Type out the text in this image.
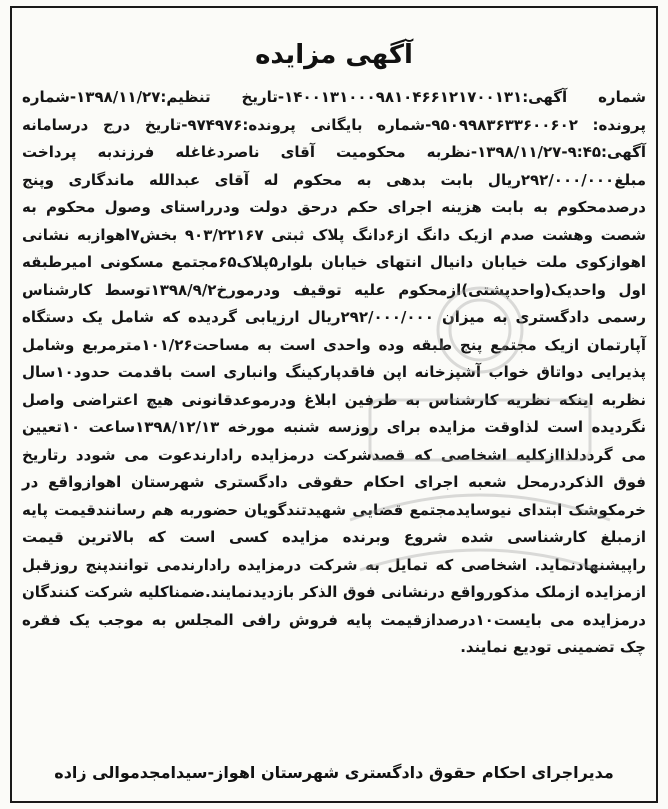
آگهی مزایده
شماره آگهی:۱۴۰۰۱۳۱۰۰۰۹۸۱۰۴۶۶۱۲۱۷۰۰۱۳۱-تاریخ تنظیم:۱۳۹۸/۱۱/۲۷-شماره پرونده: ۹۵۰۹۹۸۳۶۳۳۶۰۰۶۰۲-شماره بایگانی پرونده:۹۷۴۹۷۶-تاریخ درج درسامانه آگهی:۹:۴۵-۱۳۹۸/۱۱/۲۷-نظربه محکومیت آقای ناصردغاغله فرزندبه پرداخت مبلغ۲۹۲/۰۰۰/۰۰۰ریال بابت بدهی به محکوم له آقای عبدالله ماندگاری وپنج درصدمحکوم به بابت هزینه اجرای حکم درحق دولت ودرراستای وصول محکوم به شصت وهشت صدم ازیک دانگ از۶دانگ پلاک ثبتی ۹۰۳/۲۲۱۶۷ بخش۷اهوازبه نشانی اهوازکوی ملت خیابان دانیال انتهای خیابان بلوار۵پلاک۶۵مجتمع مسکونی امیرطبقه اول واحدیک(واحدپشتی)ازمحکوم علیه توقیف ودرمورخ۱۳۹۸/۹/۲توسط کارشناس رسمی دادگستری به میزان ۲۹۲/۰۰۰/۰۰۰ریال ارزیابی گردیده که شامل یک دستگاه آپارتمان ازیک مجتمع پنج طبقه وده واحدی است به مساحت۱۰۱/۲۶مترمربع وشامل پذیرایی دواتاق خواب آشپزخانه اپن فاقدپارکینگ وانباری است باقدمت حدود۱۰سال نظربه اینکه نظریه کارشناس به طرفین ابلاغ ودرموعدقانونی هیچ اعتراضی واصل نگردیده است لذاوقت مزایده برای روزسه شنبه مورخه ۱۳۹۸/۱۲/۱۳ساعت ۱۰تعیین می گرددلذاازکلیه اشخاصی که قصدشرکت درمزایده رادارندعوت می شودد رتاریخ فوق الذکردرمحل شعبه اجرای احکام حقوقی دادگستری شهرستان اهوازواقع در خرمکوشک ابتدای نیوسایدمجتمع قضایی شهیدتندگویان حضوربه هم رسانندقیمت پایه ازمبلغ کارشناسی شده شروع وبرنده مزایده کسی است که بالاترین قیمت راپیشنهادنماید. اشخاصی که تمایل به شرکت درمزایده رادارندمی توانندپنج روزقبل ازمزایده ازملک مذکورواقع درنشانی فوق الذکر بازدیدنمایند.ضمناکلیه شرکت کنندگان درمزایده می بایست۱۰درصدازقیمت پایه فروش رافی المجلس به موجب یک فقره چک تضمینی تودیع نمایند.
مدیراجرای احکام حقوق دادگستری شهرستان اهواز-سیدامجدموالی زاده
